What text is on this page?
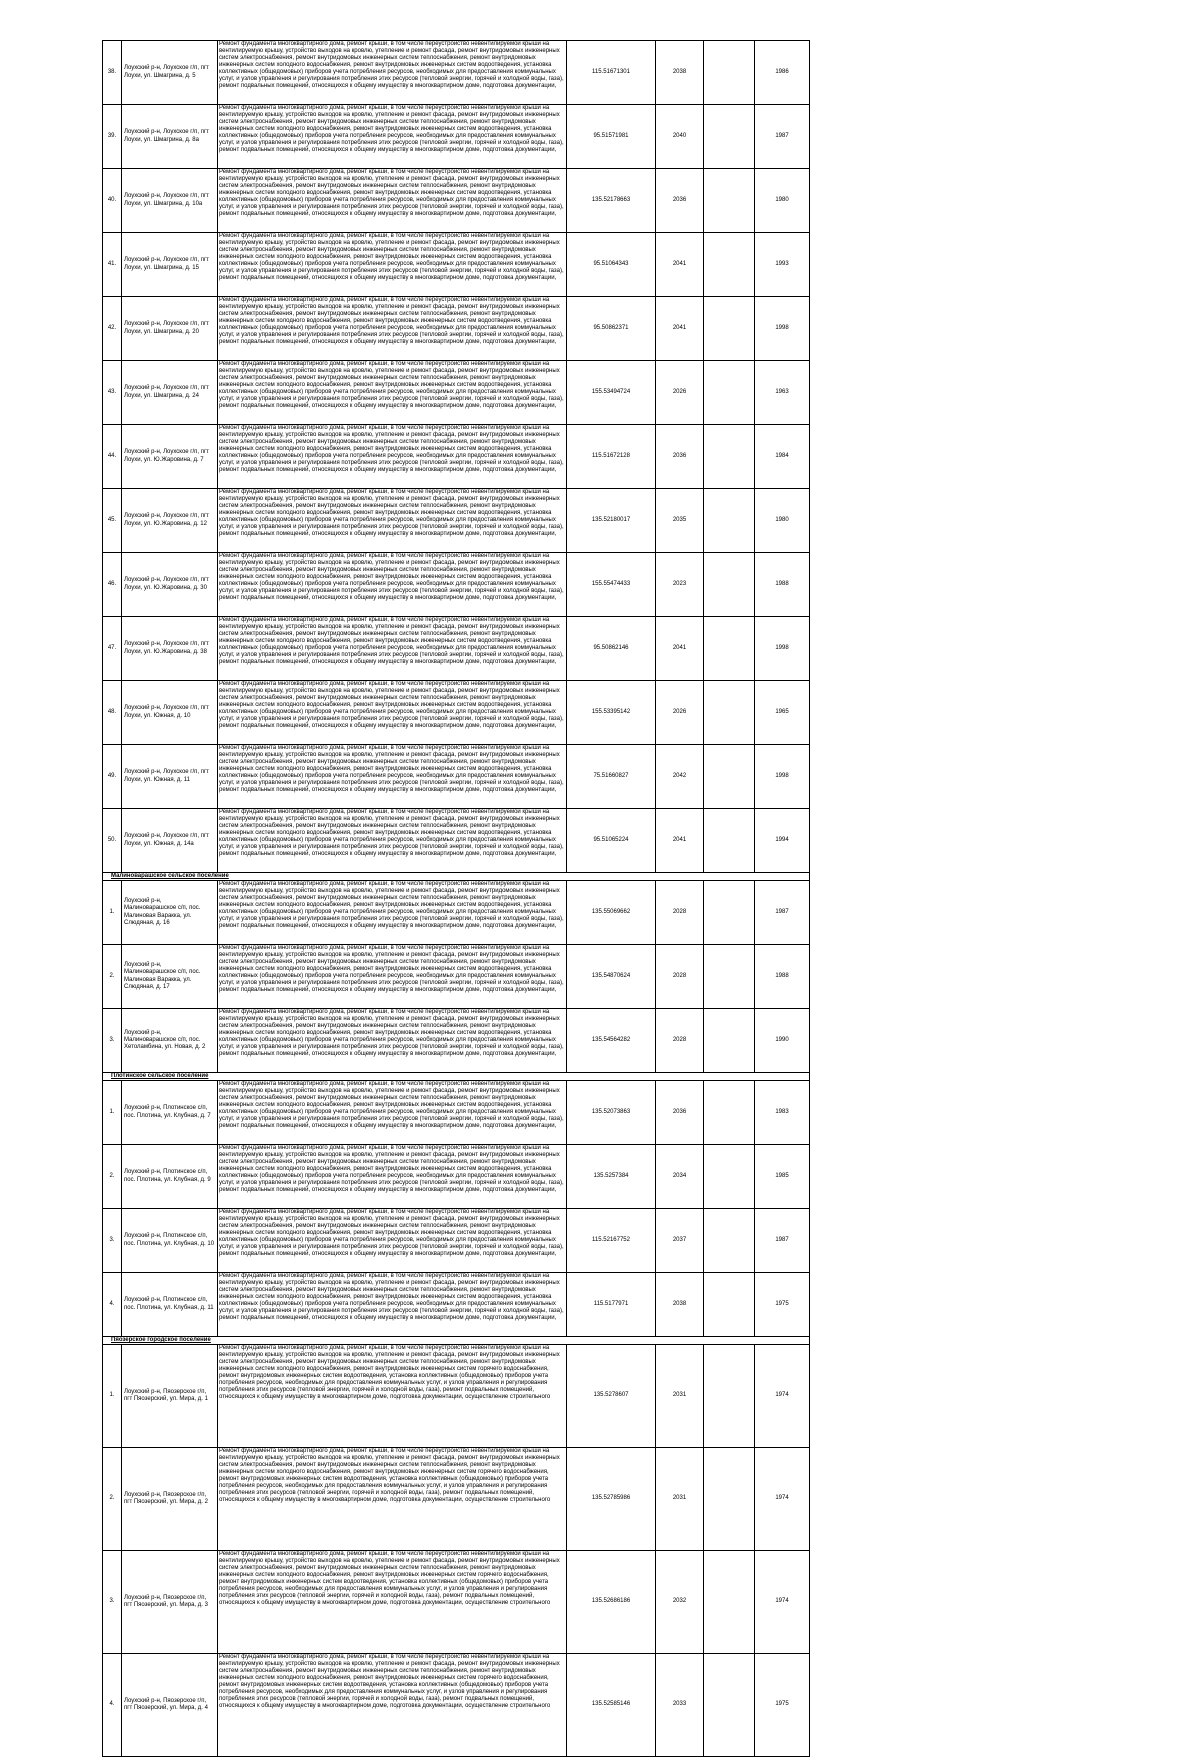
38.	Лоухский р-н, Лоухское г/п, пгт Лоухи, ул. Шмагрина, д. 5	Ремонт фундамента многоквартирного дома, ремонт крыши, в том числе переустройство невентилируемой крыши на вентилируемую крышу, устройство выходов на кровлю, утепление и ремонт фасада, ремонт внутридомовых инженерных систем электроснабжения, ремонт внутридомовых инженерных систем теплоснабжения, ремонт внутридомовых инженерных систем холодного водоснабжения, ремонт внутридомовых инженерных систем водоотведения, установка коллективных (общедомовых) приборов учета потребления ресурсов, необходимых для предоставления коммунальных услуг, и узлов управления и регулирования потребления этих ресурсов (тепловой энергии, горячей и холодной воды, газа), ремонт подвальных помещений, относящихся к общему имуществу в многоквартирном доме, подготовка документации,	115.51671301	2038		1986
39.	Лоухский р-н, Лоухское г/п, пгт Лоухи, ул. Шмагрина, д. 8а	Ремонт фундамента многоквартирного дома, ремонт крыши, в том числе переустройство невентилируемой крыши на вентилируемую крышу, устройство выходов на кровлю, утепление и ремонт фасада, ремонт внутридомовых инженерных систем электроснабжения, ремонт внутридомовых инженерных систем теплоснабжения, ремонт внутридомовых инженерных систем холодного водоснабжения, ремонт внутридомовых инженерных систем водоотведения, установка коллективных (общедомовых) приборов учета потребления ресурсов, необходимых для предоставления коммунальных услуг, и узлов управления и регулирования потребления этих ресурсов (тепловой энергии, горячей и холодной воды, газа), ремонт подвальных помещений, относящихся к общему имуществу в многоквартирном доме, подготовка документации,	95.51571981	2040		1987
40.	Лоухский р-н, Лоухское г/п, пгт Лоухи, ул. Шмагрина, д. 10а	Ремонт фундамента многоквартирного дома, ремонт крыши, в том числе переустройство невентилируемой крыши на вентилируемую крышу, устройство выходов на кровлю, утепление и ремонт фасада, ремонт внутридомовых инженерных систем электроснабжения, ремонт внутридомовых инженерных систем теплоснабжения, ремонт внутридомовых инженерных систем холодного водоснабжения, ремонт внутридомовых инженерных систем водоотведения, установка коллективных (общедомовых) приборов учета потребления ресурсов, необходимых для предоставления коммунальных услуг, и узлов управления и регулирования потребления этих ресурсов (тепловой энергии, горячей и холодной воды, газа), ремонт подвальных помещений, относящихся к общему имуществу в многоквартирном доме, подготовка документации,	135.52178663	2036		1980
41.	Лоухский р-н, Лоухское г/п, пгт Лоухи, ул. Шмагрина, д. 15	Ремонт фундамента многоквартирного дома, ремонт крыши, в том числе переустройство невентилируемой крыши на вентилируемую крышу, устройство выходов на кровлю, утепление и ремонт фасада, ремонт внутридомовых инженерных систем электроснабжения, ремонт внутридомовых инженерных систем теплоснабжения, ремонт внутридомовых инженерных систем холодного водоснабжения, ремонт внутридомовых инженерных систем водоотведения, установка коллективных (общедомовых) приборов учета потребления ресурсов, необходимых для предоставления коммунальных услуг, и узлов управления и регулирования потребления этих ресурсов (тепловой энергии, горячей и холодной воды, газа), ремонт подвальных помещений, относящихся к общему имуществу в многоквартирном доме, подготовка документации,	95.51064343	2041		1993
42.	Лоухский р-н, Лоухское г/п, пгт Лоухи, ул. Шмагрина, д. 20	Ремонт фундамента многоквартирного дома, ремонт крыши, в том числе переустройство невентилируемой крыши на вентилируемую крышу, устройство выходов на кровлю, утепление и ремонт фасада, ремонт внутридомовых инженерных систем электроснабжения, ремонт внутридомовых инженерных систем теплоснабжения, ремонт внутридомовых инженерных систем холодного водоснабжения, ремонт внутридомовых инженерных систем водоотведения, установка коллективных (общедомовых) приборов учета потребления ресурсов, необходимых для предоставления коммунальных услуг, и узлов управления и регулирования потребления этих ресурсов (тепловой энергии, горячей и холодной воды, газа), ремонт подвальных помещений, относящихся к общему имуществу в многоквартирном доме, подготовка документации,	95.50862371	2041		1998
43.	Лоухский р-н, Лоухское г/п, пгт Лоухи, ул. Шмагрина, д. 24	Ремонт фундамента многоквартирного дома, ремонт крыши, в том числе переустройство невентилируемой крыши на вентилируемую крышу, устройство выходов на кровлю, утепление и ремонт фасада, ремонт внутридомовых инженерных систем электроснабжения, ремонт внутридомовых инженерных систем теплоснабжения, ремонт внутридомовых инженерных систем холодного водоснабжения, ремонт внутридомовых инженерных систем водоотведения, установка коллективных (общедомовых) приборов учета потребления ресурсов, необходимых для предоставления коммунальных услуг, и узлов управления и регулирования потребления этих ресурсов (тепловой энергии, горячей и холодной воды, газа), ремонт подвальных помещений, относящихся к общему имуществу в многоквартирном доме, подготовка документации,	155.53494724	2026		1963
44.	Лоухский р-н, Лоухское г/п, пгт Лоухи, ул. Ю.Жаровина, д. 7	Ремонт фундамента многоквартирного дома, ремонт крыши, в том числе переустройство невентилируемой крыши на вентилируемую крышу, устройство выходов на кровлю, утепление и ремонт фасада, ремонт внутридомовых инженерных систем электроснабжения, ремонт внутридомовых инженерных систем теплоснабжения, ремонт внутридомовых инженерных систем холодного водоснабжения, ремонт внутридомовых инженерных систем водоотведения, установка коллективных (общедомовых) приборов учета потребления ресурсов, необходимых для предоставления коммунальных услуг, и узлов управления и регулирования потребления этих ресурсов (тепловой энергии, горячей и холодной воды, газа), ремонт подвальных помещений, относящихся к общему имуществу в многоквартирном доме, подготовка документации,	115.51672128	2036		1984
45.	Лоухский р-н, Лоухское г/п, пгт Лоухи, ул. Ю.Жаровина, д. 12	Ремонт фундамента многоквартирного дома, ремонт крыши, в том числе переустройство невентилируемой крыши на вентилируемую крышу, устройство выходов на кровлю, утепление и ремонт фасада, ремонт внутридомовых инженерных систем электроснабжения, ремонт внутридомовых инженерных систем теплоснабжения, ремонт внутридомовых инженерных систем холодного водоснабжения, ремонт внутридомовых инженерных систем водоотведения, установка коллективных (общедомовых) приборов учета потребления ресурсов, необходимых для предоставления коммунальных услуг, и узлов управления и регулирования потребления этих ресурсов (тепловой энергии, горячей и холодной воды, газа), ремонт подвальных помещений, относящихся к общему имуществу в многоквартирном доме, подготовка документации,	135.52180017	2035		1980
46.	Лоухский р-н, Лоухское г/п, пгт Лоухи, ул. Ю.Жаровина, д. 30	Ремонт фундамента многоквартирного дома, ремонт крыши, в том числе переустройство невентилируемой крыши на вентилируемую крышу, устройство выходов на кровлю, утепление и ремонт фасада, ремонт внутридомовых инженерных систем электроснабжения, ремонт внутридомовых инженерных систем теплоснабжения, ремонт внутридомовых инженерных систем холодного водоснабжения, ремонт внутридомовых инженерных систем водоотведения, установка коллективных (общедомовых) приборов учета потребления ресурсов, необходимых для предоставления коммунальных услуг, и узлов управления и регулирования потребления этих ресурсов (тепловой энергии, горячей и холодной воды, газа), ремонт подвальных помещений, относящихся к общему имуществу в многоквартирном доме, подготовка документации,	155.55474433	2023		1988
47.	Лоухский р-н, Лоухское г/п, пгт Лоухи, ул. Ю.Жаровина, д. 38	Ремонт фундамента многоквартирного дома, ремонт крыши, в том числе переустройство невентилируемой крыши на вентилируемую крышу, устройство выходов на кровлю, утепление и ремонт фасада, ремонт внутридомовых инженерных систем электроснабжения, ремонт внутридомовых инженерных систем теплоснабжения, ремонт внутридомовых инженерных систем холодного водоснабжения, ремонт внутридомовых инженерных систем водоотведения, установка коллективных (общедомовых) приборов учета потребления ресурсов, необходимых для предоставления коммунальных услуг, и узлов управления и регулирования потребления этих ресурсов (тепловой энергии, горячей и холодной воды, газа), ремонт подвальных помещений, относящихся к общему имуществу в многоквартирном доме, подготовка документации,	95.50862146	2041		1998
48.	Лоухский р-н, Лоухское г/п, пгт Лоухи, ул. Южная, д. 10	Ремонт фундамента многоквартирного дома, ремонт крыши, в том числе переустройство невентилируемой крыши на вентилируемую крышу, устройство выходов на кровлю, утепление и ремонт фасада, ремонт внутридомовых инженерных систем электроснабжения, ремонт внутридомовых инженерных систем теплоснабжения, ремонт внутридомовых инженерных систем холодного водоснабжения, ремонт внутридомовых инженерных систем водоотведения, установка коллективных (общедомовых) приборов учета потребления ресурсов, необходимых для предоставления коммунальных услуг, и узлов управления и регулирования потребления этих ресурсов (тепловой энергии, горячей и холодной воды, газа), ремонт подвальных помещений, относящихся к общему имуществу в многоквартирном доме, подготовка документации,	155.53395142	2026		1965
49.	Лоухский р-н, Лоухское г/п, пгт Лоухи, ул. Южная, д. 11	Ремонт фундамента многоквартирного дома, ремонт крыши, в том числе переустройство невентилируемой крыши на вентилируемую крышу, устройство выходов на кровлю, утепление и ремонт фасада, ремонт внутридомовых инженерных систем электроснабжения, ремонт внутридомовых инженерных систем теплоснабжения, ремонт внутридомовых инженерных систем холодного водоснабжения, ремонт внутридомовых инженерных систем водоотведения, установка коллективных (общедомовых) приборов учета потребления ресурсов, необходимых для предоставления коммунальных услуг, и узлов управления и регулирования потребления этих ресурсов (тепловой энергии, горячей и холодной воды, газа), ремонт подвальных помещений, относящихся к общему имуществу в многоквартирном доме, подготовка документации,	75.51660827	2042		1998
50.	Лоухский р-н, Лоухское г/п, пгт Лоухи, ул. Южная, д. 14а	Ремонт фундамента многоквартирного дома, ремонт крыши, в том числе переустройство невентилируемой крыши на вентилируемую крышу, устройство выходов на кровлю, утепление и ремонт фасада, ремонт внутридомовых инженерных систем электроснабжения, ремонт внутридомовых инженерных систем теплоснабжения, ремонт внутридомовых инженерных систем холодного водоснабжения, ремонт внутридомовых инженерных систем водоотведения, установка коллективных (общедомовых) приборов учета потребления ресурсов, необходимых для предоставления коммунальных услуг, и узлов управления и регулирования потребления этих ресурсов (тепловой энергии, горячей и холодной воды, газа), ремонт подвальных помещений, относящихся к общему имуществу в многоквартирном доме, подготовка документации,	95.51065224	2041		1994
Малиноварашское сельское поселение						
1.	Лоухский р-н, Малиноварашское с/п, пос. Малиновая Варакка, ул. Слюдяная, д. 16	Ремонт фундамента многоквартирного дома, ремонт крыши, в том числе переустройство невентилируемой крыши на вентилируемую крышу, устройство выходов на кровлю, утепление и ремонт фасада, ремонт внутридомовых инженерных систем электроснабжения, ремонт внутридомовых инженерных систем теплоснабжения, ремонт внутридомовых инженерных систем холодного водоснабжения, ремонт внутридомовых инженерных систем водоотведения, установка коллективных (общедомовых) приборов учета потребления ресурсов, необходимых для предоставления коммунальных услуг, и узлов управления и регулирования потребления этих ресурсов (тепловой энергии, горячей и холодной воды, газа), ремонт подвальных помещений, относящихся к общему имуществу в многоквартирном доме, подготовка документации,	135.55069662	2028		1987
2.	Лоухский р-н, Малиноварашское с/п, пос. Малиновая Варакка, ул. Слюдяная, д. 17	Ремонт фундамента многоквартирного дома, ремонт крыши, в том числе переустройство невентилируемой крыши на вентилируемую крышу, устройство выходов на кровлю, утепление и ремонт фасада, ремонт внутридомовых инженерных систем электроснабжения, ремонт внутридомовых инженерных систем теплоснабжения, ремонт внутридомовых инженерных систем холодного водоснабжения, ремонт внутридомовых инженерных систем водоотведения, установка коллективных (общедомовых) приборов учета потребления ресурсов, необходимых для предоставления коммунальных услуг, и узлов управления и регулирования потребления этих ресурсов (тепловой энергии, горячей и холодной воды, газа), ремонт подвальных помещений, относящихся к общему имуществу в многоквартирном доме, подготовка документации,	135.54870624	2028		1988
3.	Лоухский р-н, Малиноварашское с/п, пос. Хетоламбина, ул. Новая, д. 2	Ремонт фундамента многоквартирного дома, ремонт крыши, в том числе переустройство невентилируемой крыши на вентилируемую крышу, устройство выходов на кровлю, утепление и ремонт фасада, ремонт внутридомовых инженерных систем электроснабжения, ремонт внутридомовых инженерных систем теплоснабжения, ремонт внутридомовых инженерных систем холодного водоснабжения, ремонт внутридомовых инженерных систем водоотведения, установка коллективных (общедомовых) приборов учета потребления ресурсов, необходимых для предоставления коммунальных услуг, и узлов управления и регулирования потребления этих ресурсов (тепловой энергии, горячей и холодной воды, газа), ремонт подвальных помещений, относящихся к общему имуществу в многоквартирном доме, подготовка документации,	135.54564282	2028		1990
Плотинское сельское поселение						
1.	Лоухский р-н, Плотинское с/п, пос. Плотина, ул. Клубная, д. 7	Ремонт фундамента многоквартирного дома, ремонт крыши, в том числе переустройство невентилируемой крыши на вентилируемую крышу, устройство выходов на кровлю, утепление и ремонт фасада, ремонт внутридомовых инженерных систем электроснабжения, ремонт внутридомовых инженерных систем теплоснабжения, ремонт внутридомовых инженерных систем холодного водоснабжения, ремонт внутридомовых инженерных систем водоотведения, установка коллективных (общедомовых) приборов учета потребления ресурсов, необходимых для предоставления коммунальных услуг, и узлов управления и регулирования потребления этих ресурсов (тепловой энергии, горячей и холодной воды, газа), ремонт подвальных помещений, относящихся к общему имуществу в многоквартирном доме, подготовка документации,	135.52073863	2036		1983
2.	Лоухский р-н, Плотинское с/п, пос. Плотина, ул. Клубная, д. 9	Ремонт фундамента многоквартирного дома, ремонт крыши, в том числе переустройство невентилируемой крыши на вентилируемую крышу, устройство выходов на кровлю, утепление и ремонт фасада, ремонт внутридомовых инженерных систем электроснабжения, ремонт внутридомовых инженерных систем теплоснабжения, ремонт внутридомовых инженерных систем холодного водоснабжения, ремонт внутридомовых инженерных систем водоотведения, установка коллективных (общедомовых) приборов учета потребления ресурсов, необходимых для предоставления коммунальных услуг, и узлов управления и регулирования потребления этих ресурсов (тепловой энергии, горячей и холодной воды, газа), ремонт подвальных помещений, относящихся к общему имуществу в многоквартирном доме, подготовка документации,	135.5257384	2034		1985
3.	Лоухский р-н, Плотинское с/п, пос. Плотина, ул. Клубная, д. 10	Ремонт фундамента многоквартирного дома, ремонт крыши, в том числе переустройство невентилируемой крыши на вентилируемую крышу, устройство выходов на кровлю, утепление и ремонт фасада, ремонт внутридомовых инженерных систем электроснабжения, ремонт внутридомовых инженерных систем теплоснабжения, ремонт внутридомовых инженерных систем холодного водоснабжения, ремонт внутридомовых инженерных систем водоотведения, установка коллективных (общедомовых) приборов учета потребления ресурсов, необходимых для предоставления коммунальных услуг, и узлов управления и регулирования потребления этих ресурсов (тепловой энергии, горячей и холодной воды, газа), ремонт подвальных помещений, относящихся к общему имуществу в многоквартирном доме, подготовка документации,	115.52167752	2037		1987
4.	Лоухский р-н, Плотинское с/п, пос. Плотина, ул. Клубная, д. 11	Ремонт фундамента многоквартирного дома, ремонт крыши, в том числе переустройство невентилируемой крыши на вентилируемую крышу, устройство выходов на кровлю, утепление и ремонт фасада, ремонт внутридомовых инженерных систем электроснабжения, ремонт внутридомовых инженерных систем теплоснабжения, ремонт внутридомовых инженерных систем холодного водоснабжения, ремонт внутридомовых инженерных систем водоотведения, установка коллективных (общедомовых) приборов учета потребления ресурсов, необходимых для предоставления коммунальных услуг, и узлов управления и регулирования потребления этих ресурсов (тепловой энергии, горячей и холодной воды, газа), ремонт подвальных помещений, относящихся к общему имуществу в многоквартирном доме, подготовка документации,	115.5177971	2038		1975
Пяозерское городское поселение						
1.	Лоухский р-н, Пяозерское г/п, пгт Пяозерский, ул. Мира, д. 1	Ремонт фундамента многоквартирного дома, ремонт крыши, в том числе переустройство невентилируемой крыши на вентилируемую крышу, устройство выходов на кровлю, утепление и ремонт фасада, ремонт внутридомовых инженерных систем электроснабжения, ремонт внутридомовых инженерных систем теплоснабжения, ремонт внутридомовых инженерных систем холодного водоснабжения, ремонт внутридомовых инженерных систем горячего водоснабжения, ремонт внутридомовых инженерных систем водоотведения, установка коллективных (общедомовых) приборов учета потребления ресурсов, необходимых для предоставления коммунальных услуг, и узлов управления и регулирования потребления этих ресурсов (тепловой энергии, горячей и холодной воды, газа), ремонт подвальных помещений, относящихся к общему имуществу в многоквартирном доме, подготовка документации, осуществление строительного	135.5278607	2031		1974
2.	Лоухский р-н, Пяозерское г/п, пгт Пяозерский, ул. Мира, д. 2	Ремонт фундамента многоквартирного дома, ремонт крыши, в том числе переустройство невентилируемой крыши на вентилируемую крышу, устройство выходов на кровлю, утепление и ремонт фасада, ремонт внутридомовых инженерных систем электроснабжения, ремонт внутридомовых инженерных систем теплоснабжения, ремонт внутридомовых инженерных систем холодного водоснабжения, ремонт внутридомовых инженерных систем горячего водоснабжения, ремонт внутридомовых инженерных систем водоотведения, установка коллективных (общедомовых) приборов учета потребления ресурсов, необходимых для предоставления коммунальных услуг, и узлов управления и регулирования потребления этих ресурсов (тепловой энергии, горячей и холодной воды, газа), ремонт подвальных помещений, относящихся к общему имуществу в многоквартирном доме, подготовка документации, осуществление строительного	135.52785986	2031		1974
3.	Лоухский р-н, Пяозерское г/п, пгт Пяозерский, ул. Мира, д. 3	Ремонт фундамента многоквартирного дома, ремонт крыши, в том числе переустройство невентилируемой крыши на вентилируемую крышу, устройство выходов на кровлю, утепление и ремонт фасада, ремонт внутридомовых инженерных систем электроснабжения, ремонт внутридомовых инженерных систем теплоснабжения, ремонт внутридомовых инженерных систем холодного водоснабжения, ремонт внутридомовых инженерных систем горячего водоснабжения, ремонт внутридомовых инженерных систем водоотведения, установка коллективных (общедомовых) приборов учета потребления ресурсов, необходимых для предоставления коммунальных услуг, и узлов управления и регулирования потребления этих ресурсов (тепловой энергии, горячей и холодной воды, газа), ремонт подвальных помещений, относящихся к общему имуществу в многоквартирном доме, подготовка документации, осуществление строительного	135.52686186	2032		1974
4.	Лоухский р-н, Пяозерское г/п, пгт Пяозерский, ул. Мира, д. 4	Ремонт фундамента многоквартирного дома, ремонт крыши, в том числе переустройство невентилируемой крыши на вентилируемую крышу, устройство выходов на кровлю, утепление и ремонт фасада, ремонт внутридомовых инженерных систем электроснабжения, ремонт внутридомовых инженерных систем теплоснабжения, ремонт внутридомовых инженерных систем холодного водоснабжения, ремонт внутридомовых инженерных систем горячего водоснабжения, ремонт внутридомовых инженерных систем водоотведения, установка коллективных (общедомовых) приборов учета потребления ресурсов, необходимых для предоставления коммунальных услуг, и узлов управления и регулирования потребления этих ресурсов (тепловой энергии, горячей и холодной воды, газа), ремонт подвальных помещений, относящихся к общему имуществу в многоквартирном доме, подготовка документации, осуществление строительного	135.52585146	2033		1975
